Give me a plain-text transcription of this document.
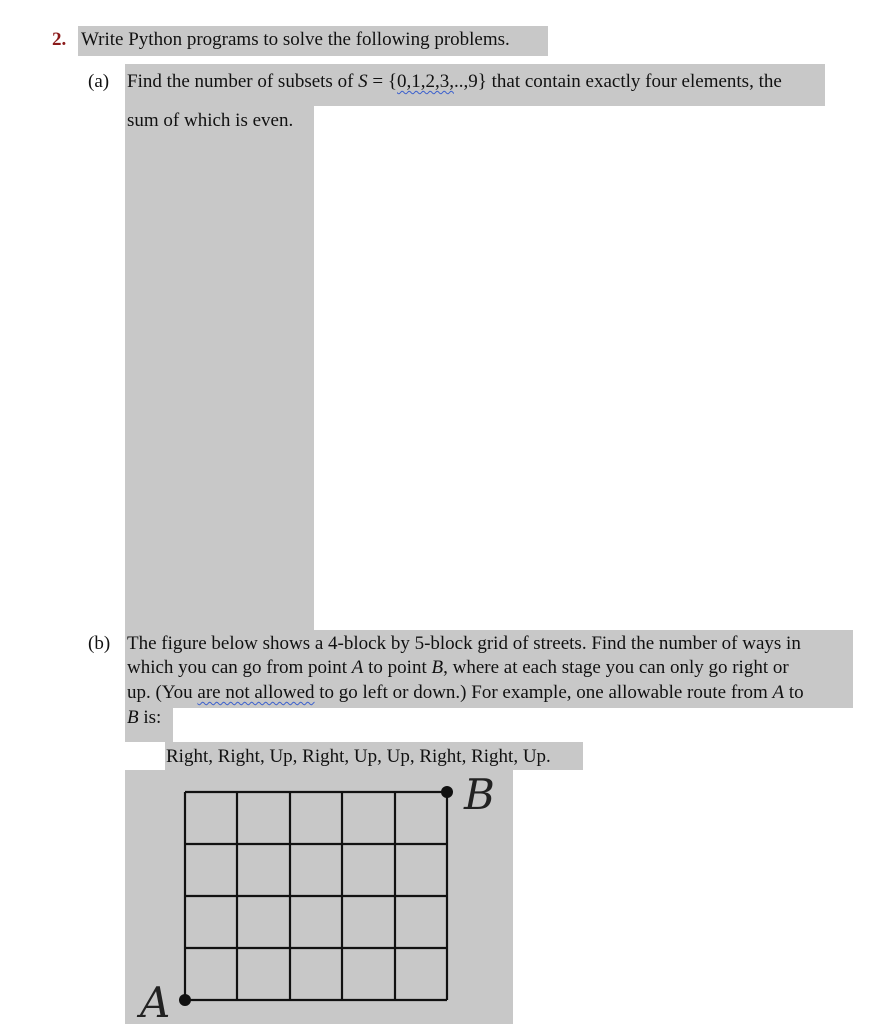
2. Write Python programs to solve the following problems.
(a) Find the number of subsets of S = {0,1,2,3,..,9} that contain exactly four elements, the
sum of which is even.
(b) The figure below shows a 4-block by 5-block grid of streets. Find the number of ways in
which you can go from point A to point B, where at each stage you can only go right or
up. (You are not allowed to go left or down.) For example, one allowable route from A to
B is:
Right, Right, Up, Right, Up, Up, Right, Right, Up.
A
B
